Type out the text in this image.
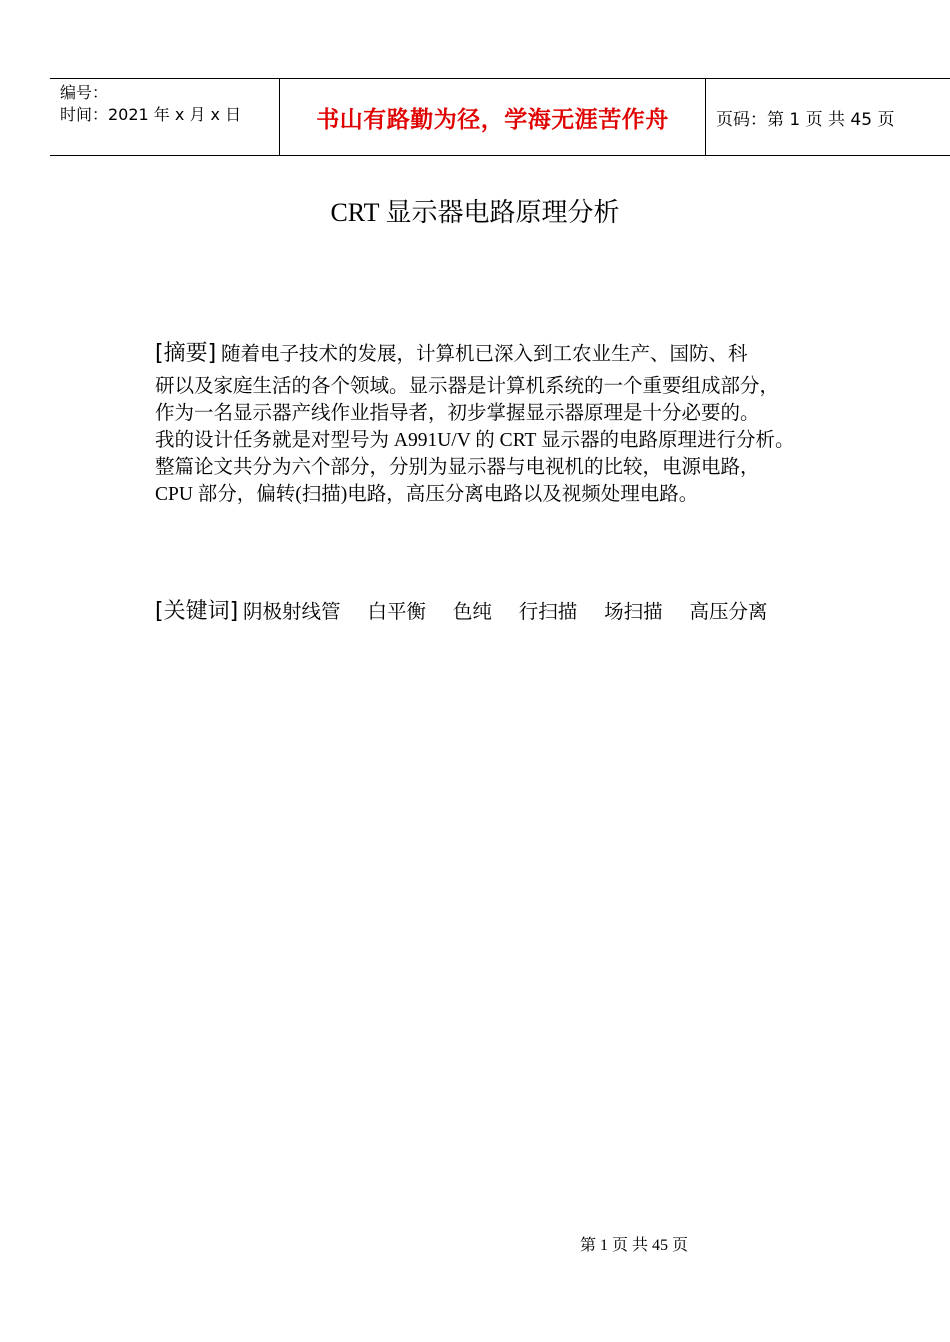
编号：
时间：2021 年 x 月 x 日	书山有路勤为径，学海无涯苦作舟	页码：第 1 页 共 45 页
CRT 显示器电路原理分析
[摘要] 随着电子技术的发展，计算机已深入到工农业生产、国防、科
研以及家庭生活的各个领域。显示器是计算机系统的一个重要组成部分，
作为一名显示器产线作业指导者，初步掌握显示器原理是十分必要的。
我的设计任务就是对型号为 A991U/V 的 CRT 显示器的电路原理进行分析。
整篇论文共分为六个部分，分别为显示器与电视机的比较，电源电路，
CPU 部分，偏转(扫描)电路，高压分离电路以及视频处理电路。
[关键词] 阴极射线管 白平衡 色纯 行扫描 场扫描 高压分离
第 1 页 共 45 页
